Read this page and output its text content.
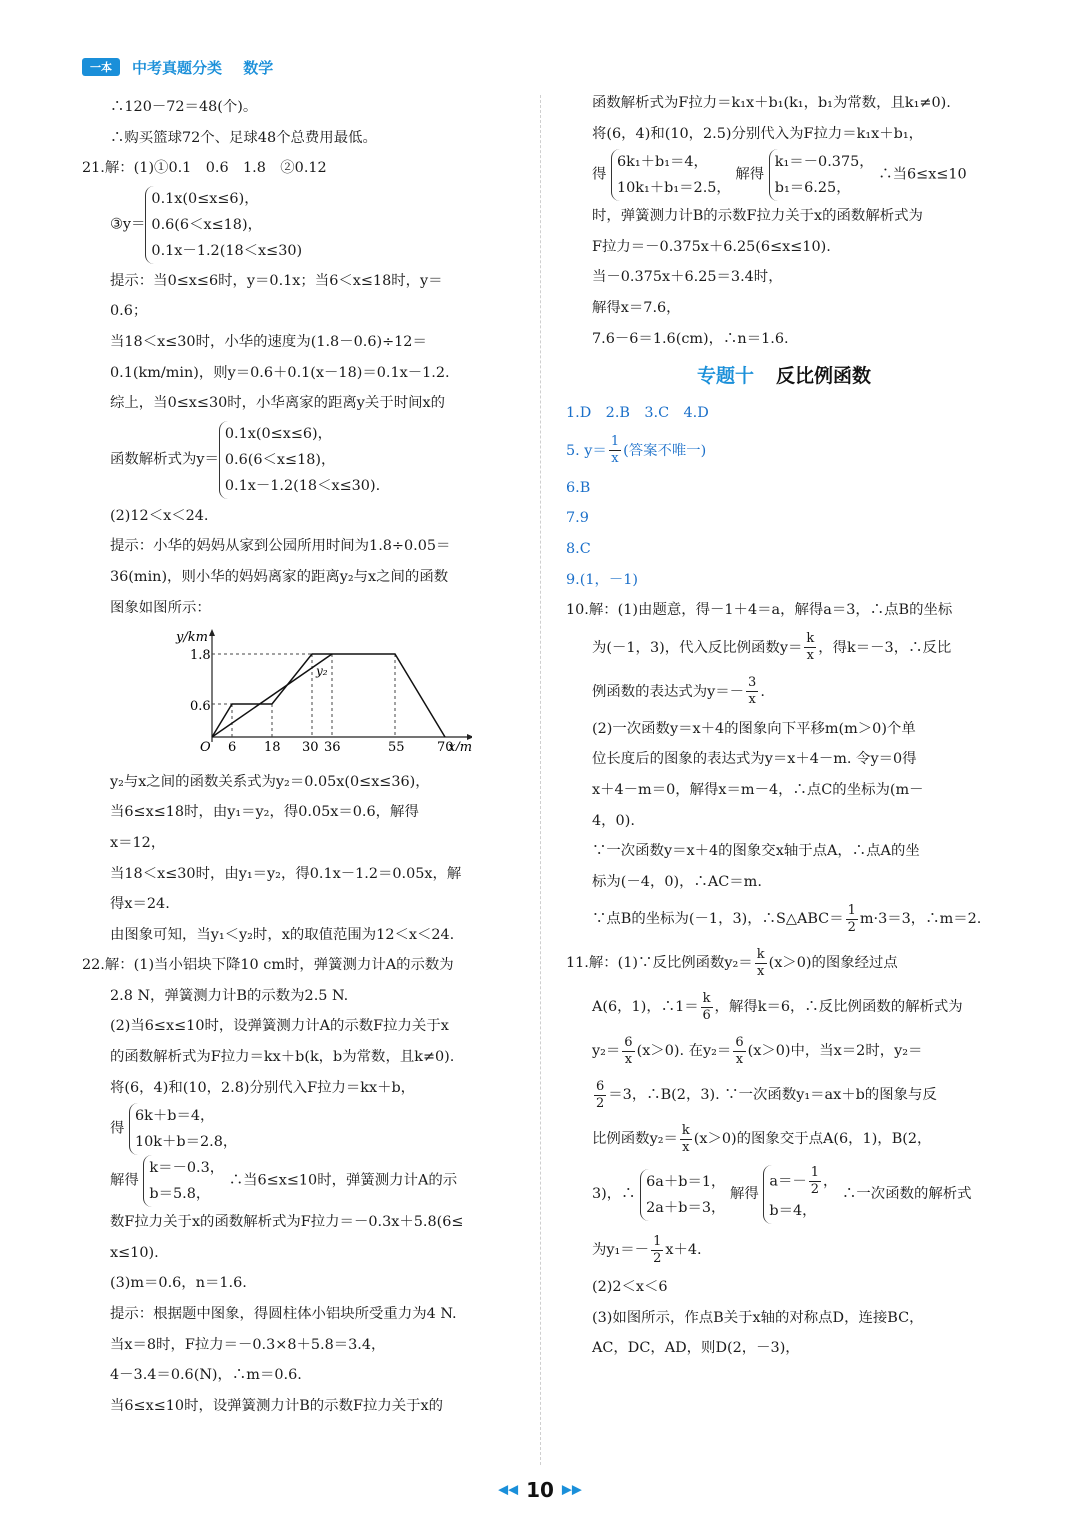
一本	中考真题分类 数学
∴120－72＝48(个)。
∴购买篮球72个、足球48个总费用最低。
21.解：(1)①0.1　0.6　1.8　②0.12
③y＝
0.1x(0≤x≤6)，
0.6(6＜x≤18)，
0.1x－1.2(18＜x≤30)
提示：当0≤x≤6时，y＝0.1x；当6＜x≤18时，y＝
0.6；
当18＜x≤30时，小华的速度为(1.8－0.6)÷12＝
0.1(km/min)，则y＝0.6＋0.1(x－18)＝0.1x－1.2.
综上，当0≤x≤30时，小华离家的距离y关于时间x的
函数解析式为y＝
0.1x(0≤x≤6)，
0.6(6＜x≤18)，
0.1x－1.2(18＜x≤30).
(2)12＜x＜24.
提示：小华的妈妈从家到公园所用时间为1.8÷0.05＝
36(min)，则小华的妈妈离家的距离y₂与x之间的函数
图象如图所示：
y/km
x/m
1.8
0.6
O
y₂
6 18 30 36	55 70
y₂与x之间的函数关系式为y₂＝0.05x(0≤x≤36)，
当6≤x≤18时，由y₁＝y₂，得0.05x＝0.6，解得
x＝12，
当18＜x≤30时，由y₁＝y₂，得0.1x－1.2＝0.05x，解
得x＝24.
由图象可知，当y₁＜y₂时，x的取值范围为12＜x＜24.
22.解：(1)当小铝块下降10 cm时，弹簧测力计A的示数为
2.8 N，弹簧测力计B的示数为2.5 N.
(2)当6≤x≤10时，设弹簧测力计A的示数F拉力关于x
的函数解析式为F拉力＝kx＋b(k，b为常数，且k≠0).
将(6，4)和(10，2.8)分别代入F拉力＝kx＋b，
得
6k＋b＝4，
10k＋b＝2.8，
解得
k＝－0.3，
b＝5.8，
∴当6≤x≤10时，弹簧测力计A的示
数F拉力关于x的函数解析式为F拉力＝－0.3x＋5.8(6≤
x≤10).
(3)m＝0.6，n＝1.6.
提示：根据题中图象，得圆柱体小铝块所受重力为4 N.
当x＝8时，F拉力＝－0.3×8＋5.8＝3.4，
4－3.4＝0.6(N)，∴m＝0.6.
当6≤x≤10时，设弹簧测力计B的示数F拉力关于x的
函数解析式为F拉力＝k₁x＋b₁(k₁，b₁为常数，且k₁≠0).
将(6，4)和(10，2.5)分别代入为F拉力＝k₁x＋b₁，
得
6k₁＋b₁＝4，
10k₁＋b₁＝2.5，
解得
k₁＝－0.375，
b₁＝6.25，
∴当6≤x≤10
时，弹簧测力计B的示数F拉力关于x的函数解析式为
F拉力＝－0.375x＋6.25(6≤x≤10).
当－0.375x＋6.25＝3.4时，
解得x＝7.6，
7.6－6＝1.6(cm)，∴n＝1.6.
专题十 反比例函数
1.D　2.B　3.C　4.D
5. $y= \frac{1}{x}$ (答案不唯一)
6.B
7.9
8.C
9.(1，－1)
10.解：(1)由题意，得－1＋4＝a，解得a＝3，∴点B的坐标
为(－1，3)，代入反比例函数$y= \frac{k}{x}$ ，得k＝－3，∴反比
例函数的表达式为$y=- \frac{3}{x}$ .
(2)一次函数y＝x＋4的图象向下平移m(m＞0)个单
位长度后的图象的表达式为y＝x＋4－m. 令y＝0得
x＋4－m＝0，解得x＝m－4，∴点C的坐标为(m－
4，0).
∵一次函数y＝x＋4的图象交x轴于点A，∴点A的坐
标为(－4，0)，∴AC＝m.
∵点B的坐标为(－1，3)，∴S△ABC＝ $\frac{1}{2} m\cdot 3=3$，∴m＝2.
11.解：(1)∵反比例函数$y_2= \frac{k}{x} (x>0)$的图象经过点
A(6，1)，∴1＝ $\frac{k}{6}$ ，解得k＝6，∴反比例函数的解析式为
$y_2= \frac{6}{x} (x>0)$. 在$y_2= \frac{6}{x} (x>0)$中，当x＝2时，y₂＝
$\frac{6}{2} =3$，∴B(2，3). ∵一次函数y₁＝ax＋b的图象与反
比例函数$y_2= \frac{k}{x} (x>0)$的图象交于点A(6，1)，B(2，
3)，∴
6a＋b＝1，
2a＋b＝3，
解得
$a=- \frac{1}{2}$ ，
b＝4，
∴一次函数的解析式
为$y_1=- \frac{1}{2} x+4$.
(2)2＜x＜6
(3)如图所示，作点B关于x轴的对称点D，连接BC，
AC，DC，AD，则D(2，－3)，
◀◀ 10 ▶▶
